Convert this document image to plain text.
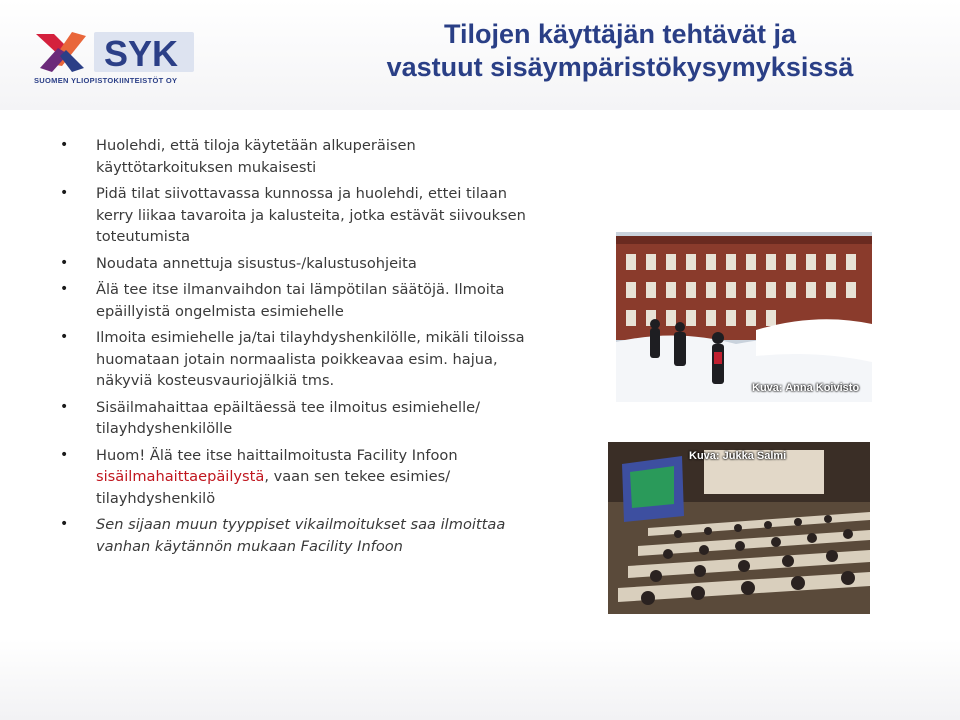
SYK
SUOMEN YLIOPISTOKIINTEISTÖT OY
Tilojen käyttäjän tehtävät ja
vastuut sisäympäristökysymyksissä
• Huolehdi, että tiloja käytetään alkuperäisen käyttötarkoituksen mukaisesti
• Pidä tilat siivottavassa kunnossa ja huolehdi, ettei tilaan kerry liikaa tavaroita ja kalusteita, jotka estävät siivouksen toteutumista
• Noudata annettuja sisustus-/kalustusohjeita
• Älä tee itse ilmanvaihdon tai lämpötilan säätöjä. Ilmoita epäillyistä ongelmista esimiehelle
• Ilmoita esimiehelle ja/tai tilayhdyshenkilölle, mikäli tiloissa huomataan jotain normaalista poikkeavaa esim. hajua, näkyviä kosteusvauriojälkiä tms.
• Sisäilmahaittaa epäiltäessä tee ilmoitus esimiehelle/ tilayhdyshenkilölle
• Huom! Älä tee itse haittailmoitusta Facility Infoon sisäilmahaittaepäilystä, vaan sen tekee esimies/ tilayhdyshenkilö
• Sen sijaan muun tyyppiset vikailmoitukset saa ilmoittaa vanhan käytännön mukaan Facility Infoon
Kuva: Anna Koivisto
Kuva: Jukka Salmi
